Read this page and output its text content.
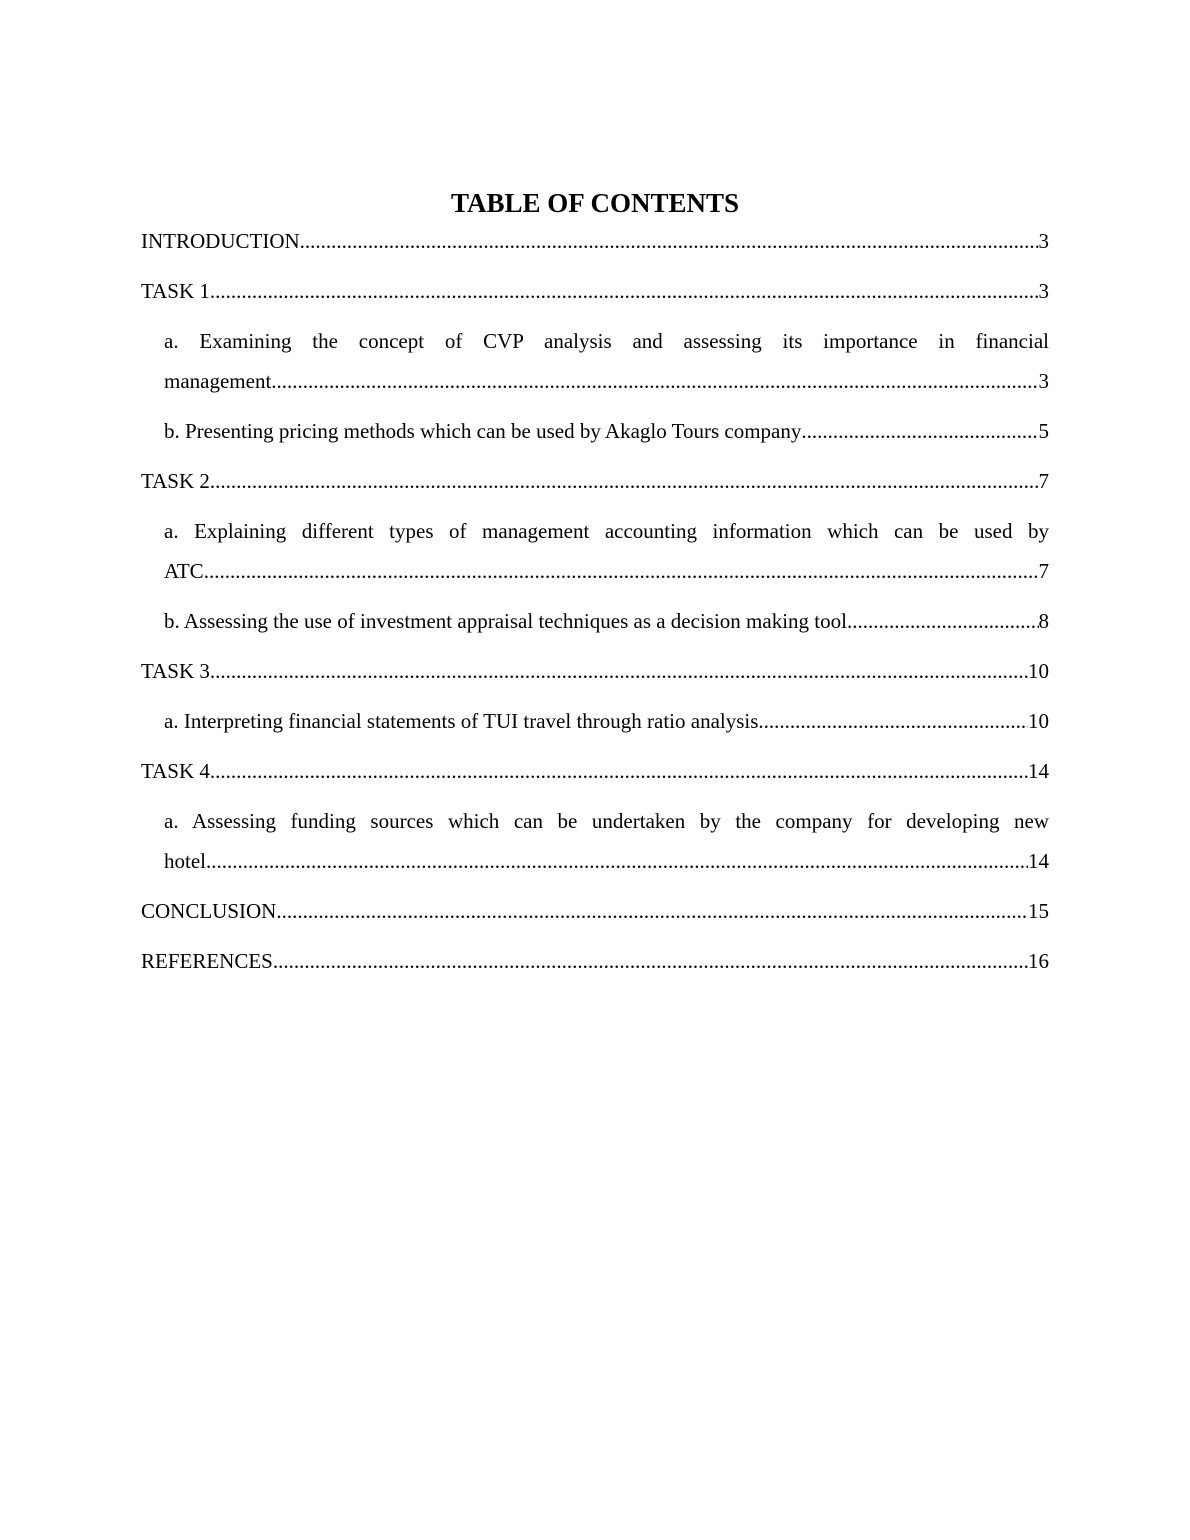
TABLE OF CONTENTS
INTRODUCTION .....	3
TASK 1 .....	3
a. Examining the concept of CVP analysis and assessing its importance in financial
management .....	3
b. Presenting pricing methods which can be used by Akaglo Tours company .....	5
TASK 2 .....	7
a. Explaining different types of management accounting information which can be used by
ATC .....	7
b. Assessing the use of investment appraisal techniques as a decision making tool .....	8
TASK 3 .....	10
a. Interpreting financial statements of TUI travel through ratio analysis .....	10
TASK 4 .....	14
a. Assessing funding sources which can be undertaken by the company for developing new
hotel .....	14
CONCLUSION .....	15
REFERENCES .....	16
